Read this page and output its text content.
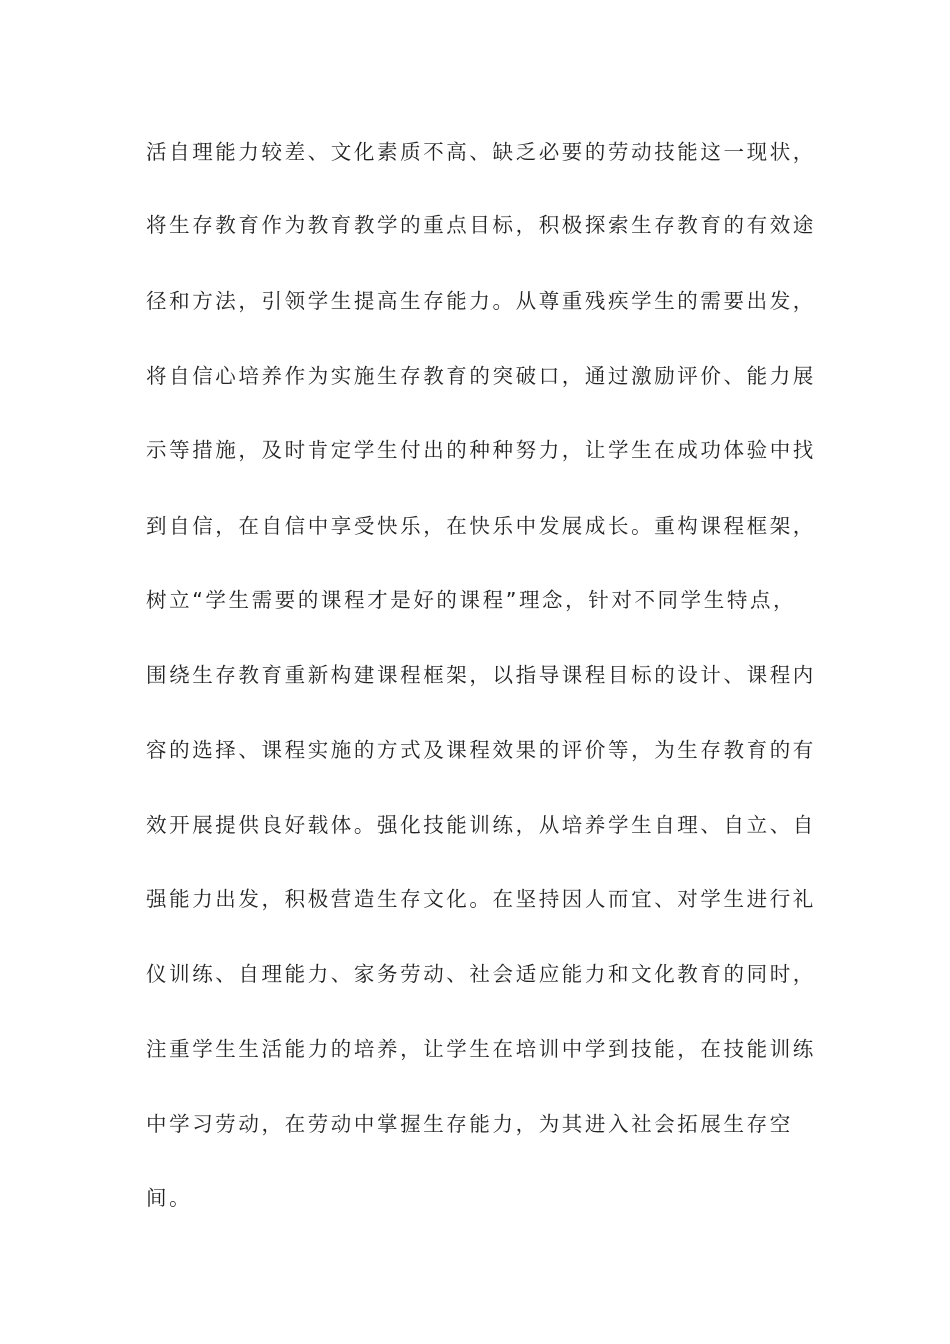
活自理能力较差、文化素质不高、缺乏必要的劳动技能这一现状，
将生存教育作为教育教学的重点目标，积极探索生存教育的有效途
径和方法，引领学生提高生存能力。从尊重残疾学生的需要出发，
将自信心培养作为实施生存教育的突破口，通过激励评价、能力展
示等措施，及时肯定学生付出的种种努力，让学生在成功体验中找
到自信，在自信中享受快乐，在快乐中发展成长。重构课程框架，
树立“学生需要的课程才是好的课程”理念，针对不同学生特点，
围绕生存教育重新构建课程框架，以指导课程目标的设计、课程内
容的选择、课程实施的方式及课程效果的评价等，为生存教育的有
效开展提供良好载体。强化技能训练，从培养学生自理、自立、自
强能力出发，积极营造生存文化。在坚持因人而宜、对学生进行礼
仪训练、自理能力、家务劳动、社会适应能力和文化教育的同时，
注重学生生活能力的培养，让学生在培训中学到技能，在技能训练
中学习劳动，在劳动中掌握生存能力，为其进入社会拓展生存空
间。
